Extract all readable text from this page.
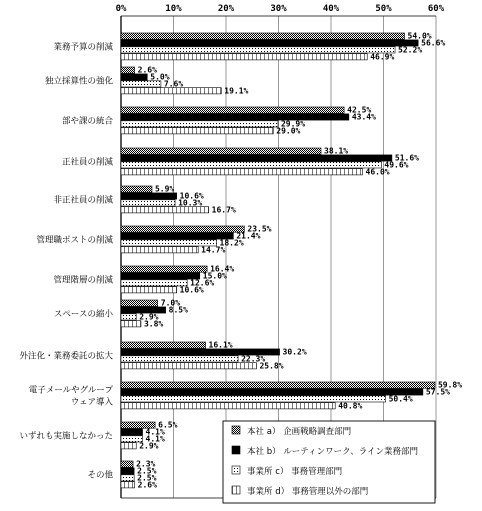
0%	10%	20%	30%	40%	50%	60%
業務予算の削減
独立採算性の強化
部や課の統合
正社員の削減
非正社員の削減
管理職ポストの削減
管理階層の削減
スペースの縮小
外注化・業務委託の拡大
電子メールやグループ
ウェア導入
いずれも実施しなかった
その他
54.0%
2.6%
42.5%
38.1%
5.9%
23.5%
16.4%
7.0%
16.1%
59.8%
6.5%
2.3%
56.6%
5.0%
43.4%
51.6%
10.6%
21.4%
15.0%
8.5%
30.2%
57.5%
4.1%
2.5%
52.2%
7.6%
29.9%
49.6%
10.3%
18.2%
12.6%
2.9%
22.3%
50.4%
4.1%
2.5%
46.9%
19.1%
29.0%
46.0%
16.7%
14.7%
10.6%
3.8%
25.8%
40.8%
2.9%
2.6%
本社 a） 企画戦略調査部門
本社 b） ルーティンワーク、ライン業務部門
事業所 c） 事務管理部門
事業所 d） 事務管理以外の部門
